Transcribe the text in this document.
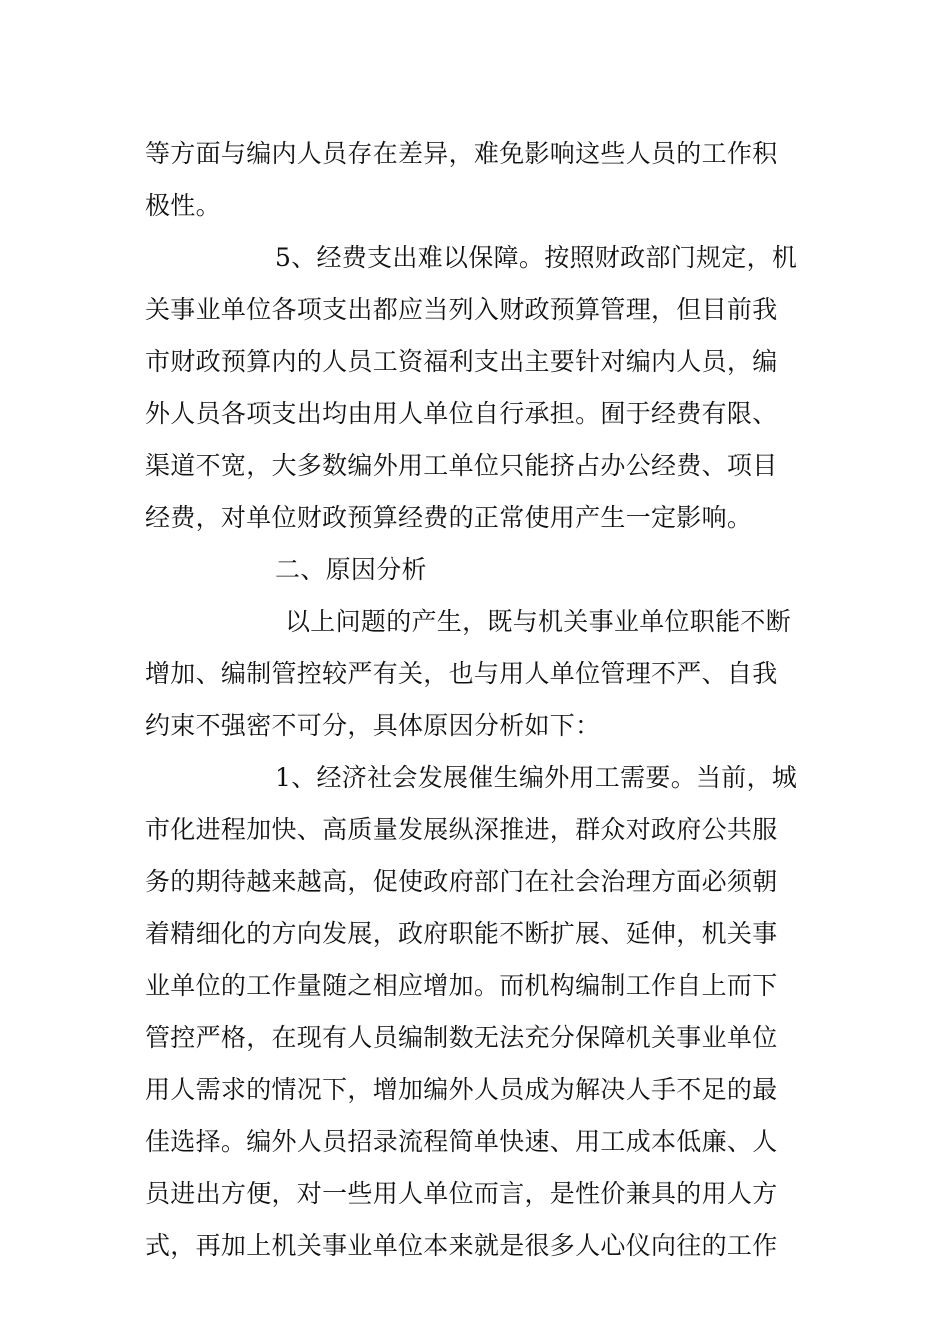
等方面与编内人员存在差异，难免影响这些人员的工作积
极性。
5、经费支出难以保障。按照财政部门规定，机
关事业单位各项支出都应当列入财政预算管理，但目前我
市财政预算内的人员工资福利支出主要针对编内人员，编
外人员各项支出均由用人单位自行承担。囿于经费有限、
渠道不宽，大多数编外用工单位只能挤占办公经费、项目
经费，对单位财政预算经费的正常使用产生一定影响。
二、原因分析
以上问题的产生，既与机关事业单位职能不断
增加、编制管控较严有关，也与用人单位管理不严、自我
约束不强密不可分，具体原因分析如下：
1、经济社会发展催生编外用工需要。当前，城
市化进程加快、高质量发展纵深推进，群众对政府公共服
务的期待越来越高，促使政府部门在社会治理方面必须朝
着精细化的方向发展，政府职能不断扩展、延伸，机关事
业单位的工作量随之相应增加。而机构编制工作自上而下
管控严格，在现有人员编制数无法充分保障机关事业单位
用人需求的情况下，增加编外人员成为解决人手不足的最
佳选择。编外人员招录流程简单快速、用工成本低廉、人
员进出方便，对一些用人单位而言，是性价兼具的用人方
式，再加上机关事业单位本来就是很多人心仪向往的工作
